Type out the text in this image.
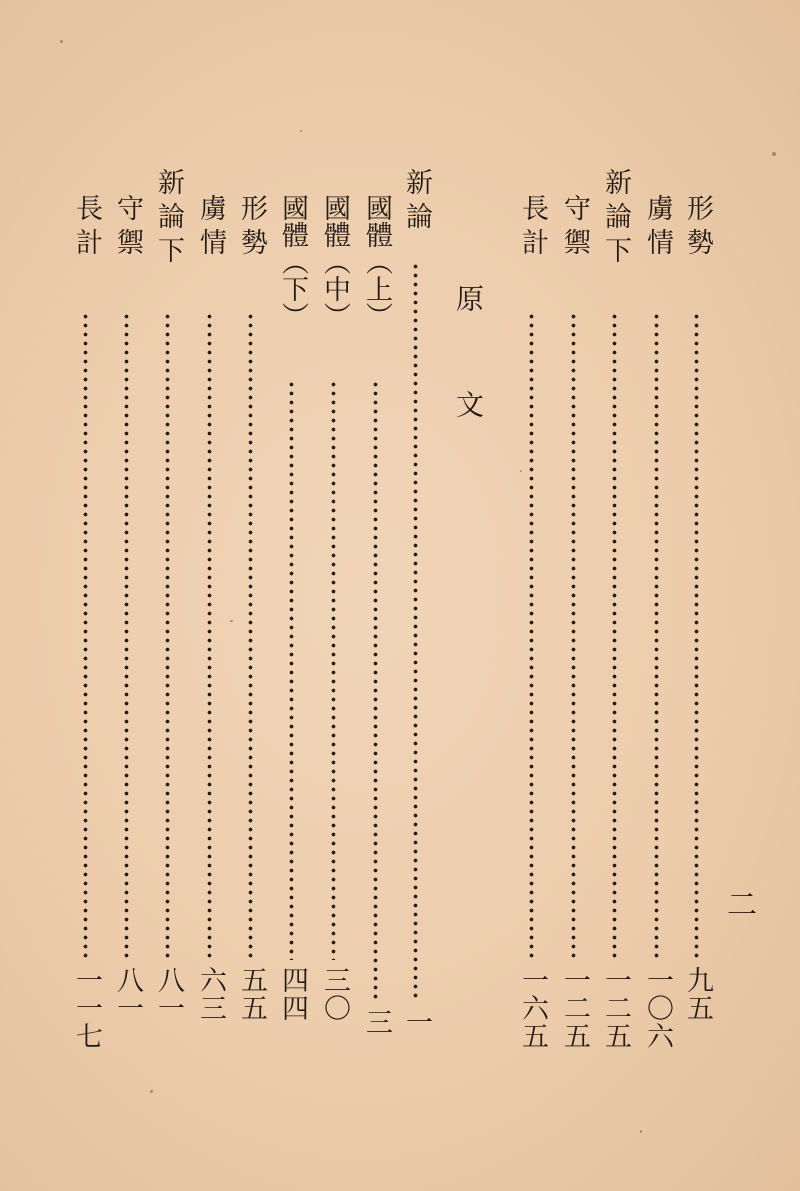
二
原文
形勢
九五
虜情
一〇六
新論下
一二五
守禦
一二五
長計
一六五
新論
一
國體（上）
三
國體（中）
三〇
國體（下）
四四
形勢
五五
虜情
六三
新論下
八一
守禦
八一
長計
一一七
